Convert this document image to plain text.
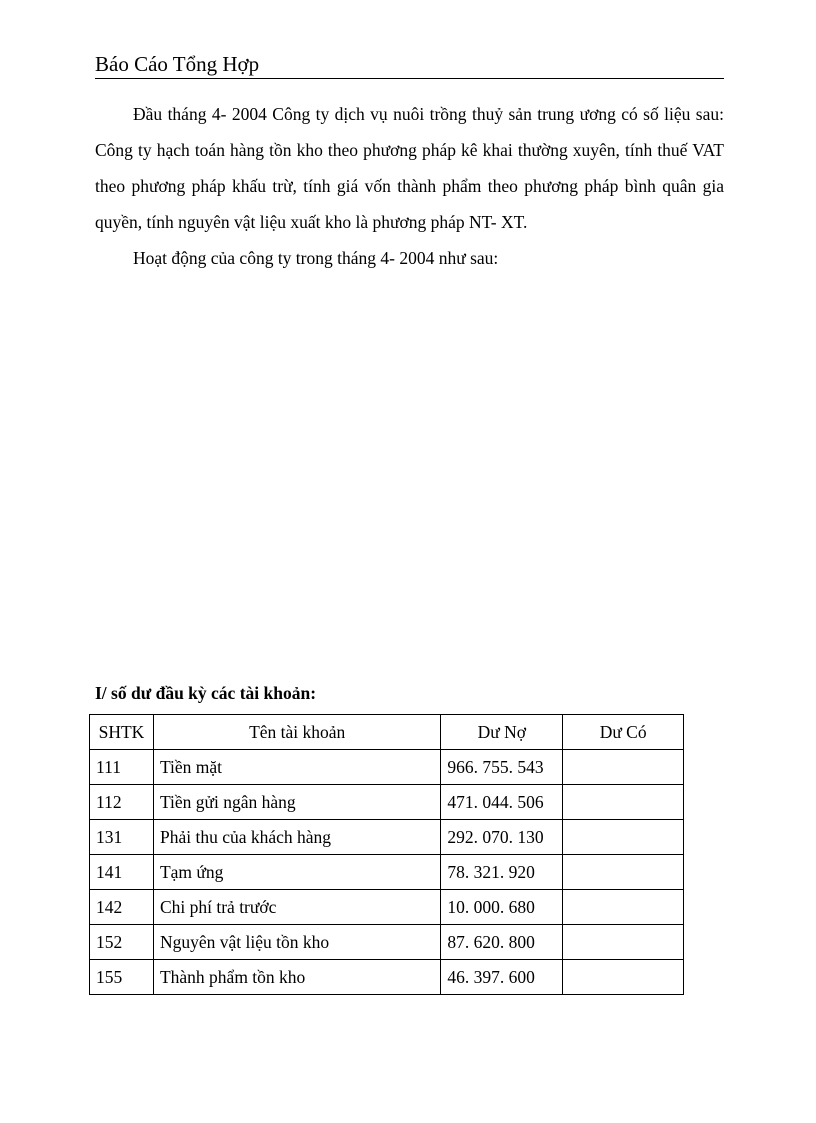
Báo Cáo Tổng Hợp

Đầu tháng 4- 2004 Công ty dịch vụ nuôi trồng thuỷ sản trung ương có số liệu sau: Công ty hạch toán hàng tồn kho theo phương pháp kê khai thường xuyên, tính thuế VAT theo phương pháp khấu trừ, tính giá vốn thành phẩm theo phương pháp bình quân gia quyền, tính nguyên vật liệu xuất kho là phương pháp NT- XT.

Hoạt động của công ty trong tháng 4- 2004 như sau:

I/ số dư đầu kỳ các tài khoản:
SHTK	Tên tài khoản	Dư Nợ	Dư Có
111	Tiền mặt	966. 755. 543	
112	Tiền gửi ngân hàng	471. 044. 506	
131	Phải thu của khách hàng	292. 070. 130	
141	Tạm ứng	78. 321. 920	
142	Chi phí trả trước	10. 000. 680	
152	Nguyên vật liệu tồn kho	87. 620. 800	
155	Thành phẩm tồn kho	46. 397. 600	
